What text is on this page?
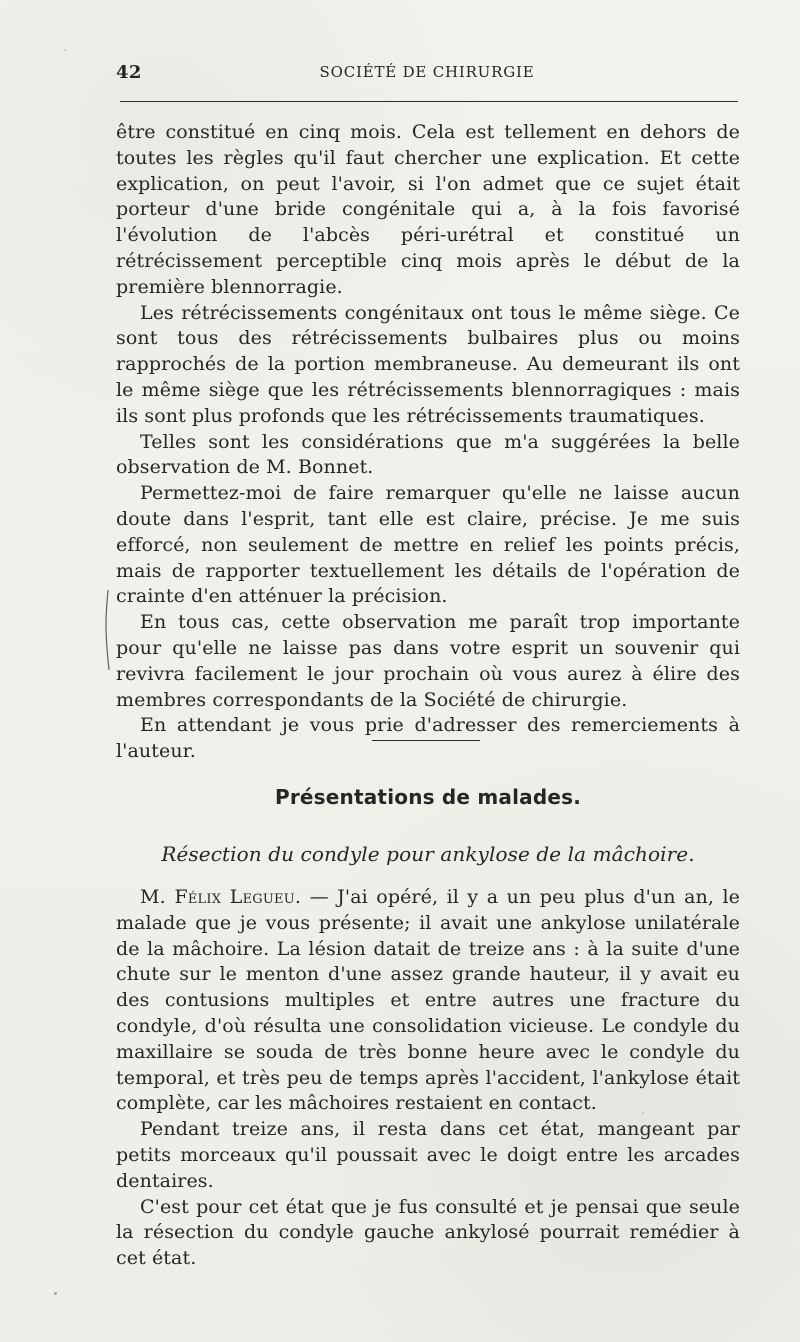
42	SOCIÉTÉ DE CHIRURGIE

être constitué en cinq mois. Cela est tellement en dehors de toutes les règles qu'il faut chercher une explication. Et cette explication, on peut l'avoir, si l'on admet que ce sujet était porteur d'une bride congénitale qui a, à la fois favorisé l'évolution de l'abcès péri-urétral et constitué un rétrécissement perceptible cinq mois après le début de la première blennorragie.

Les rétrécissements congénitaux ont tous le même siège. Ce sont tous des rétrécissements bulbaires plus ou moins rapprochés de la portion membraneuse. Au demeurant ils ont le même siège que les rétrécissements blennorragiques : mais ils sont plus profonds que les rétrécissements traumatiques.

Telles sont les considérations que m'a suggérées la belle observation de M. Bonnet.

Permettez-moi de faire remarquer qu'elle ne laisse aucun doute dans l'esprit, tant elle est claire, précise. Je me suis efforcé, non seulement de mettre en relief les points précis, mais de rapporter textuellement les détails de l'opération de crainte d'en atténuer la précision.

En tous cas, cette observation me paraît trop importante pour qu'elle ne laisse pas dans votre esprit un souvenir qui revivra facilement le jour prochain où vous aurez à élire des membres correspondants de la Société de chirurgie.

En attendant je vous prie d'adresser des remerciements à l'auteur.

Présentations de malades.
Résection du condyle pour ankylose de la mâchoire.

M. Félix Legueu. — J'ai opéré, il y a un peu plus d'un an, le malade que je vous présente; il avait une ankylose unilatérale de la mâchoire. La lésion datait de treize ans : à la suite d'une chute sur le menton d'une assez grande hauteur, il y avait eu des contusions multiples et entre autres une fracture du condyle, d'où résulta une consolidation vicieuse. Le condyle du maxillaire se souda de très bonne heure avec le condyle du temporal, et très peu de temps après l'accident, l'ankylose était complète, car les mâchoires restaient en contact.

Pendant treize ans, il resta dans cet état, mangeant par petits morceaux qu'il poussait avec le doigt entre les arcades dentaires.

C'est pour cet état que je fus consulté et je pensai que seule la résection du condyle gauche ankylosé pourrait remédier à cet état.
